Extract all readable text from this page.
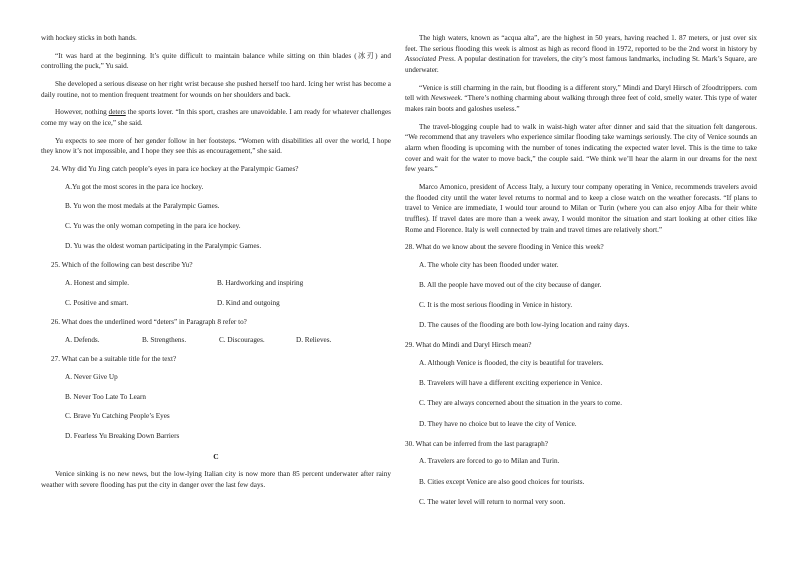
with hockey sticks in both hands.

“It was hard at the beginning. It’s quite difficult to maintain balance while sitting on thin blades (冰刃) and controlling the puck,” Yu said.

She developed a serious disease on her right wrist because she pushed herself too hard. Icing her wrist has become a daily routine, not to mention frequent treatment for wounds on her shoulders and back.

However, nothing deters the sports lover. “In this sport, crashes are unavoidable. I am ready for whatever challenges come my way on the ice,” she said.

Yu expects to see more of her gender follow in her footsteps. “Women with disabilities all over the world, I hope they know it’s not impossible, and I hope they see this as encouragement,” she said.

24. Why did Yu Jing catch people’s eyes in para ice hockey at the Paralympic Games?
A.Yu got the most scores in the para ice hockey.
B. Yu won the most medals at the Paralympic Games.
C. Yu was the only woman competing in the para ice hockey.
D. Yu was the oldest woman participating in the Paralympic Games.
25. Which of the following can best describe Yu?
A. Honest and simple.	B. Hardworking and inspiring
C. Positive and smart.	D. Kind and outgoing
26. What does the underlined word “deters” in Paragraph 8 refer to?
A. Defends.	B. Strengthens.	C. Discourages.	D. Relieves.
27. What can be a suitable title for the text?
A. Never Give Up
B. Never Too Late To Learn
C. Brave Yu Catching People’s Eyes
D. Fearless Yu Breaking Down Barriers
C

Venice sinking is no new news, but the low-lying Italian city is now more than 85 percent underwater after rainy weather with severe flooding has put the city in danger over the last few days.

The high waters, known as “acqua alta”, are the highest in 50 years, having reached 1. 87 meters, or just over six feet. The serious flooding this week is almost as high as record flood in 1972, reported to be the 2nd worst in history by Associated Press. A popular destination for travelers, the city’s most famous landmarks, including St. Mark’s Square, are underwater.

“Venice is still charming in the rain, but flooding is a different story,” Mindi and Daryl Hirsch of 2foodtrippers. com tell with Newsweek. “There’s nothing charming about walking through three feet of cold, smelly water. This type of water makes rain boots and galoshes useless.”

The travel-blogging couple had to walk in waist-high water after dinner and said that the situation felt dangerous. “We recommend that any travelers who experience similar flooding take warnings seriously. The city of Venice sounds an alarm when flooding is upcoming with the number of tones indicating the expected water level. This is the time to take cover and wait for the water to move back,” the couple said. “We think we’ll hear the alarm in our dreams for the next few years.”

Marco Amonico, president of Access Italy, a luxury tour company operating in Venice, recommends travelers avoid the flooded city until the water level returns to normal and to keep a close watch on the weather forecasts. “If plans to travel to Venice are immediate, I would tour around to Milan or Turin (where you can also enjoy Alba for their white truffles). If travel dates are more than a week away, I would monitor the situation and start looking at other cities like Rome and Florence. Italy is well connected by train and travel times are relatively short.”

28. What do we know about the severe flooding in Venice this week?
A. The whole city has been flooded under water.
B. All the people have moved out of the city because of danger.
C. It is the most serious flooding in Venice in history.
D. The causes of the flooding are both low-lying location and rainy days.
29. What do Mindi and Daryl Hirsch mean?
A. Although Venice is flooded, the city is beautiful for travelers.
B. Travelers will have a different exciting experience in Venice.
C. They are always concerned about the situation in the years to come.
D. They have no choice but to leave the city of Venice.
30. What can be inferred from the last paragraph?
A. Travelers are forced to go to Milan and Turin.
B. Cities except Venice are also good choices for tourists.
C. The water level will return to normal very soon.
